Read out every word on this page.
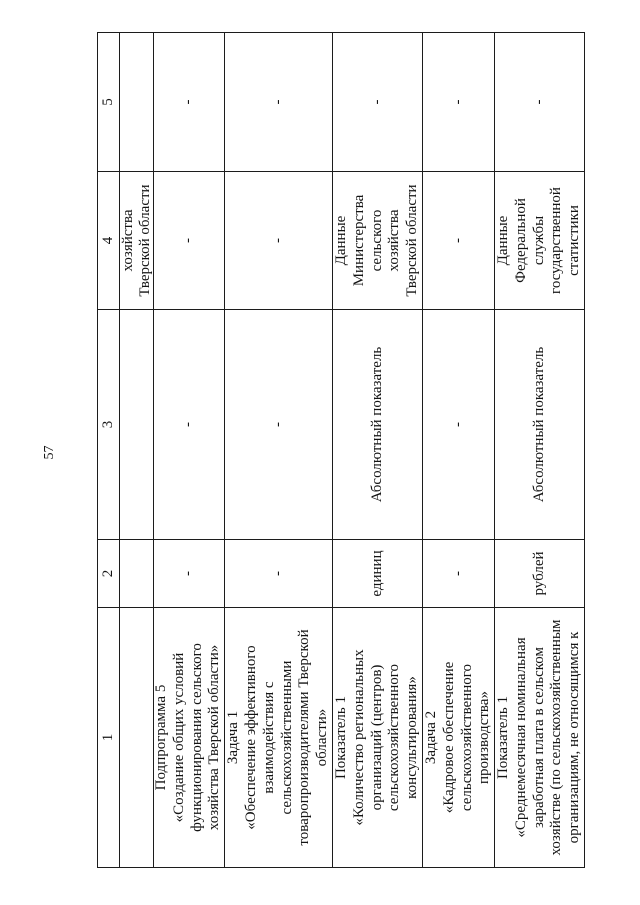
57
1
2
3
4
5
хозяйства
Тверской области
Подпрограмма 5
«Создание общих условий
функционирования сельского
хозяйства Тверской области»
-
-
-
-
Задача 1
«Обеспечение эффективного
взаимодействия с
сельскохозяйственными
товаропроизводителями Тверской
области»
-
-
-
-
Показатель 1
«Количество региональных
организаций (центров)
сельскохозяйственного
консультирования»
единиц
Абсолютный показатель
Данные
Министерства
сельского
хозяйства
Тверской области
-
Задача 2
«Кадровое обеспечение
сельскохозяйственного
производства»
-
-
-
-
Показатель 1
«Среднемесячная номинальная
заработная плата в сельском
хозяйстве (по сельскохозяйственным
организациям, не относящимся к
рублей
Абсолютный показатель
Данные
Федеральной
службы
государственной
статистики
-
